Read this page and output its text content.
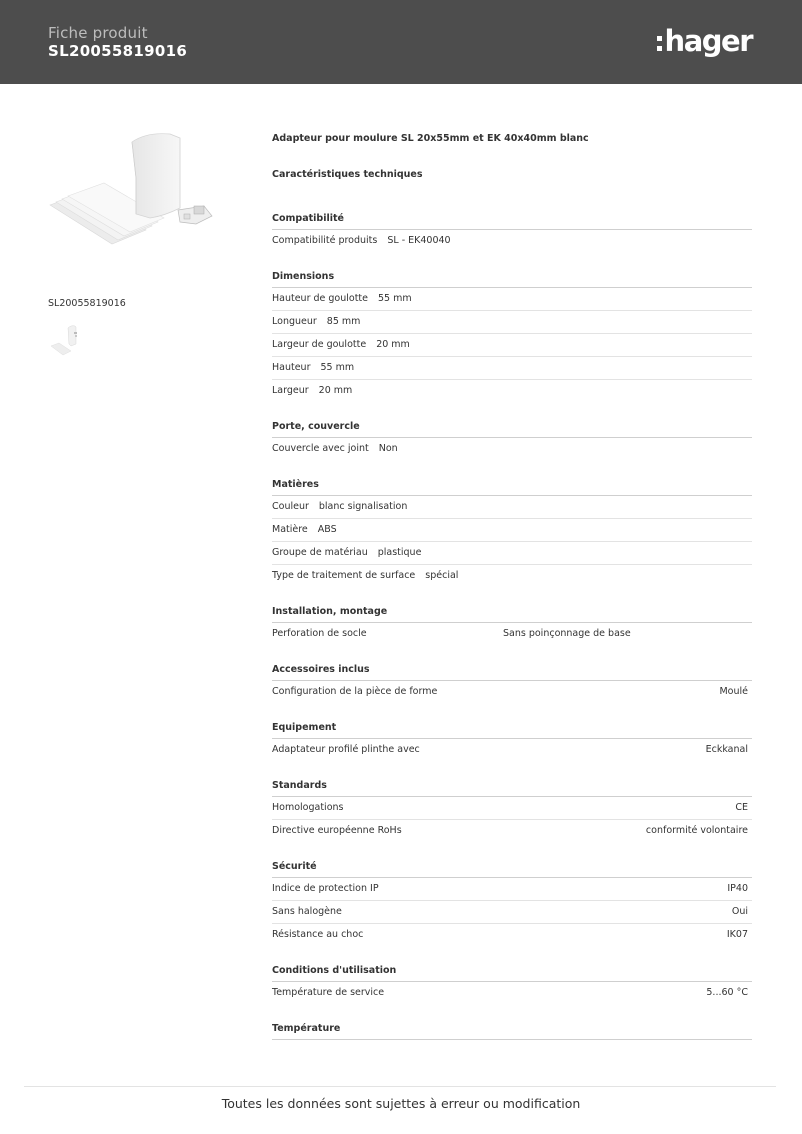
Fiche produit
SL20055819016	hager
SL20055819016
Adapteur pour moulure SL 20x55mm et EK 40x40mm blanc
Caractéristiques techniques
Compatibilité
Compatibilité produits SL - EK40040
Dimensions
Hauteur de goulotte 55 mm
Longueur 85 mm
Largeur de goulotte 20 mm
Hauteur 55 mm
Largeur 20 mm
Porte, couvercle
Couvercle avec joint Non
Matières
Couleur blanc signalisation
Matière ABS
Groupe de matériau plastique
Type de traitement de surface spécial
Installation, montage
Perforation de socle	Sans poinçonnage de base
Accessoires inclus
Configuration de la pièce de forme	Moulé
Equipement
Adaptateur profilé plinthe avec	Eckkanal
Standards
Homologations	CE
Directive européenne RoHs	conformité volontaire
Sécurité
Indice de protection IP	IP40
Sans halogène	Oui
Résistance au choc	IK07
Conditions d'utilisation
Température de service	5...60 °C
Température
Toutes les données sont sujettes à erreur ou modification
